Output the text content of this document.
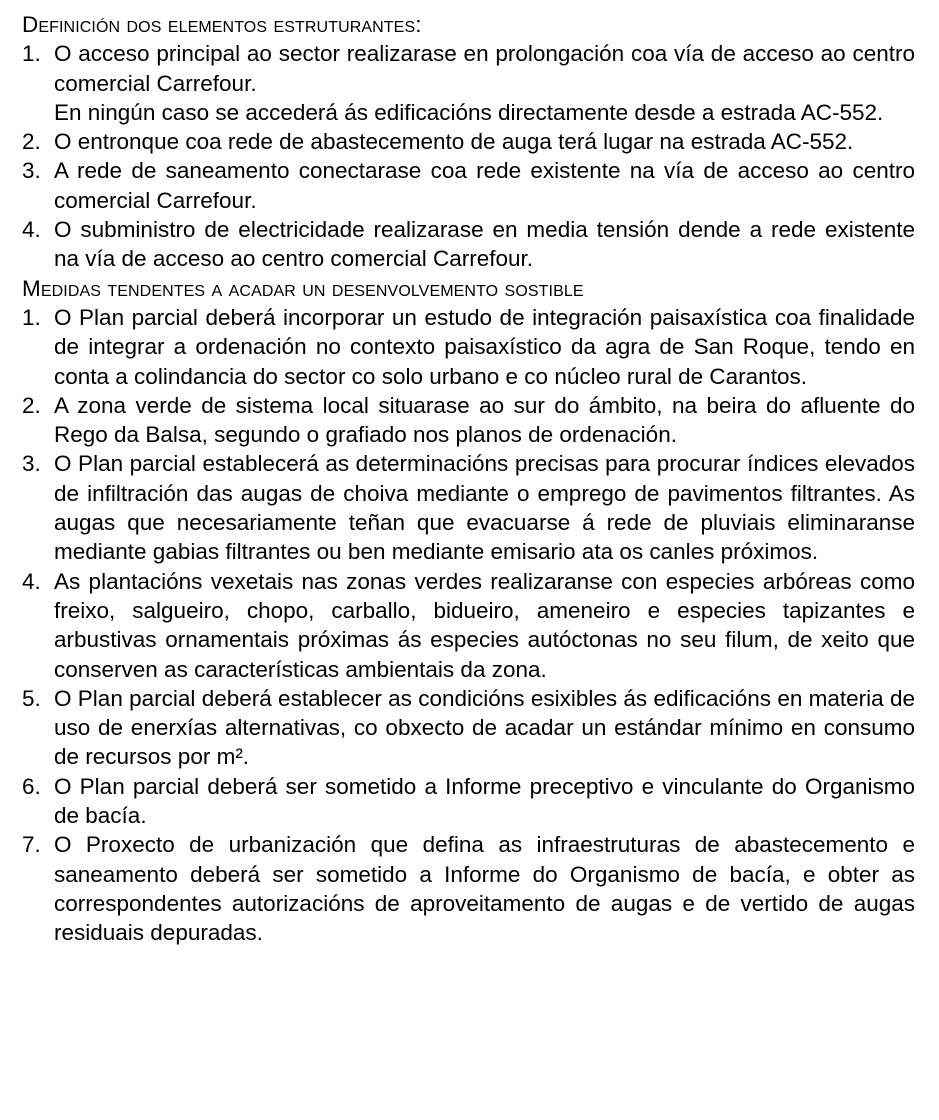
Definición dos elementos estruturantes:
1. O acceso principal ao sector realizarase en prolongación coa vía de acceso ao centro comercial Carrefour.

En ningún caso se accederá ás edificacións directamente desde a estrada AC-552.

2. O entronque coa rede de abastecemento de auga terá lugar na estrada AC-552.

3. A rede de saneamento conectarase coa rede existente na vía de acceso ao centro comercial Carrefour.

4. O subministro de electricidade realizarase en media tensión dende a rede existente na vía de acceso ao centro comercial Carrefour.

Medidas tendentes a acadar un desenvolvemento sostible
1. O Plan parcial deberá incorporar un estudo de integración paisaxística coa finalidade de integrar a ordenación no contexto paisaxístico da agra de San Roque, tendo en conta a colindancia do sector co solo urbano e co núcleo rural de Carantos.

2. A zona verde de sistema local situarase ao sur do ámbito, na beira do afluente do Rego da Balsa, segundo o grafiado nos planos de ordenación.

3. O Plan parcial establecerá as determinacións precisas para procurar índices elevados de infiltración das augas de choiva mediante o emprego de pavimentos filtrantes. As augas que necesariamente teñan que evacuarse á rede de pluviais eliminaranse mediante gabias filtrantes ou ben mediante emisario ata os canles próximos.

4. As plantacións vexetais nas zonas verdes realizaranse con especies arbóreas como freixo, salgueiro, chopo, carballo, bidueiro, ameneiro e especies tapizantes e arbustivas ornamentais próximas ás especies autóctonas no seu filum, de xeito que conserven as características ambientais da zona.

5. O Plan parcial deberá establecer as condicións esixibles ás edificacións en materia de uso de enerxías alternativas, co obxecto de acadar un estándar mínimo en consumo de recursos por m².

6. O Plan parcial deberá ser sometido a Informe preceptivo e vinculante do Organismo de bacía.

7. O Proxecto de urbanización que defina as infraestruturas de abastecemento e saneamento deberá ser sometido a Informe do Organismo de bacía, e obter as correspondentes autorizacións de aproveitamento de augas e de vertido de augas residuais depuradas.
